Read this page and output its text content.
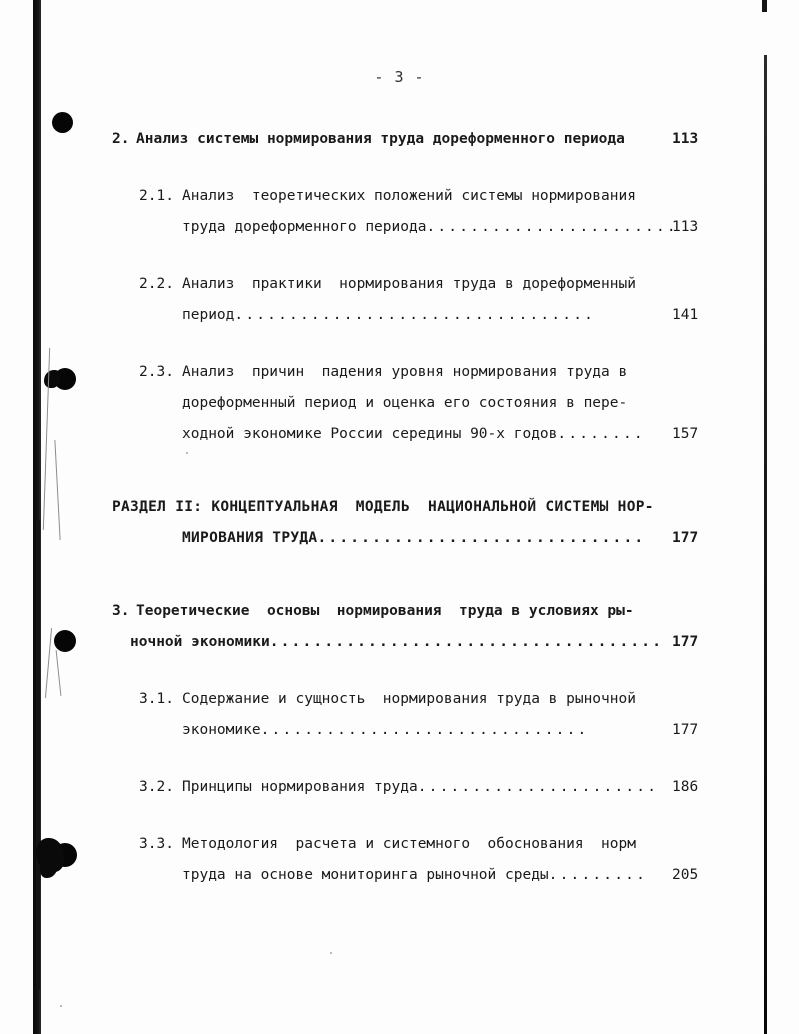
- 3 -
2. Анализ системы нормирования труда дореформенного периода	113
2.1. Анализ  теоретических положений системы нормирования
труда дореформенного периода.......................
113
2.2. Анализ  практики  нормирования труда в дореформенный
период.................................	141
2.3. Анализ  причин  падения уровня нормирования труда в
дореформенный период и оценка его состояния в пере-
ходной экономике России середины 90-х годов........ 157
РАЗДЕЛ II: КОНЦЕПТУАЛЬНАЯ  МОДЕЛЬ  НАЦИОНАЛЬНОЙ СИСТЕМЫ НОР-
МИРОВАНИЯ ТРУДА.............................. 177
3. Теоретические  основы  нормирования  труда в условиях ры-
ночной экономики.................................... 177
3.1. Содержание и сущность  нормирования труда в рыночной
экономике..............................	177
3.2. Принципы нормирования труда...................... 186
3.3. Методология  расчета и системного  обоснования  норм
труда на основе мониторинга рыночной среды......... 205
